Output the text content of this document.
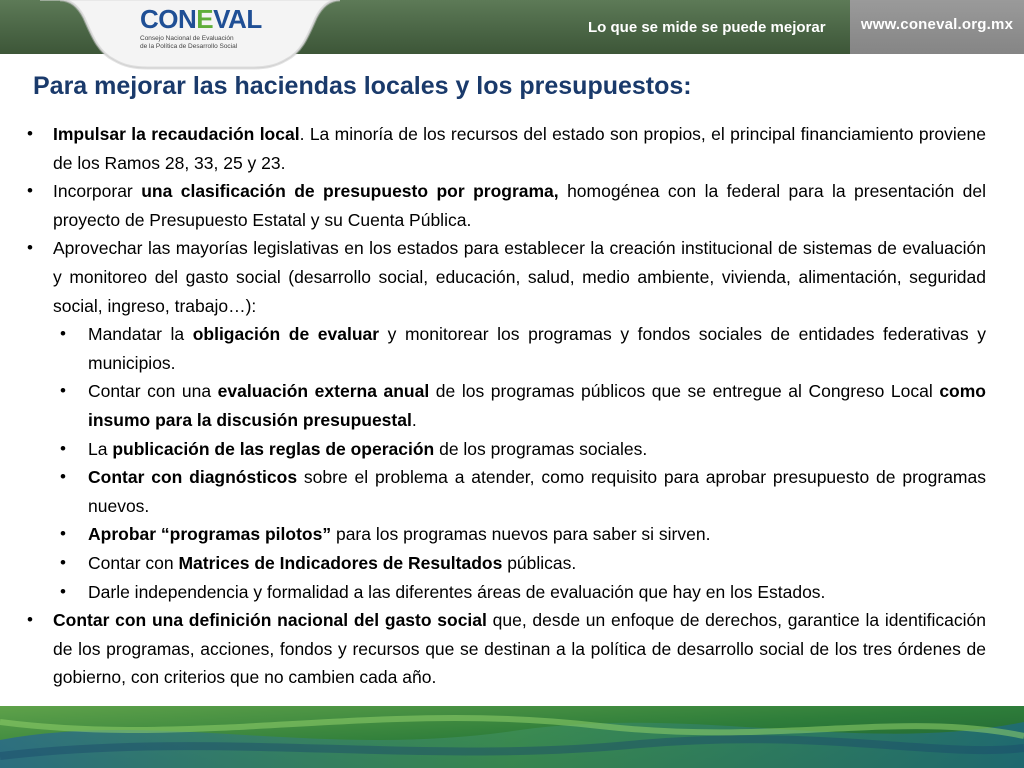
CON E VAL
Consejo Nacional de Evaluación
de la Política de Desarrollo Social
Lo que se mide se puede mejorar www.coneval.org.mx
Para mejorar las haciendas locales y los presupuestos:
• Impulsar la recaudación local. La minoría de los recursos del estado son propios, el principal financiamiento proviene de los Ramos 28, 33, 25 y 23.
• Incorporar una clasificación de presupuesto por programa, homogénea con la federal para la presentación del proyecto de Presupuesto Estatal y su Cuenta Pública.
• Aprovechar las mayorías legislativas en los estados para establecer la creación institucional de sistemas de evaluación y monitoreo del gasto social (desarrollo social, educación, salud, medio ambiente, vivienda, alimentación, seguridad social, ingreso, trabajo…):
• Mandatar la obligación de evaluar y monitorear los programas y fondos sociales de entidades federativas y municipios.
• Contar con una evaluación externa anual de los programas públicos que se entregue al Congreso Local como insumo para la discusión presupuestal.
• La publicación de las reglas de operación de los programas sociales.
• Contar con diagnósticos sobre el problema a atender, como requisito para aprobar presupuesto de programas nuevos.
• Aprobar “programas pilotos” para los programas nuevos para saber si sirven.
• Contar con Matrices de Indicadores de Resultados públicas.
• Darle independencia y formalidad a las diferentes áreas de evaluación que hay en los Estados.
• Contar con una definición nacional del gasto social que, desde un enfoque de derechos, garantice la identificación de los programas, acciones, fondos y recursos que se destinan a la política de desarrollo social de los tres órdenes de gobierno, con criterios que no cambien cada año.
